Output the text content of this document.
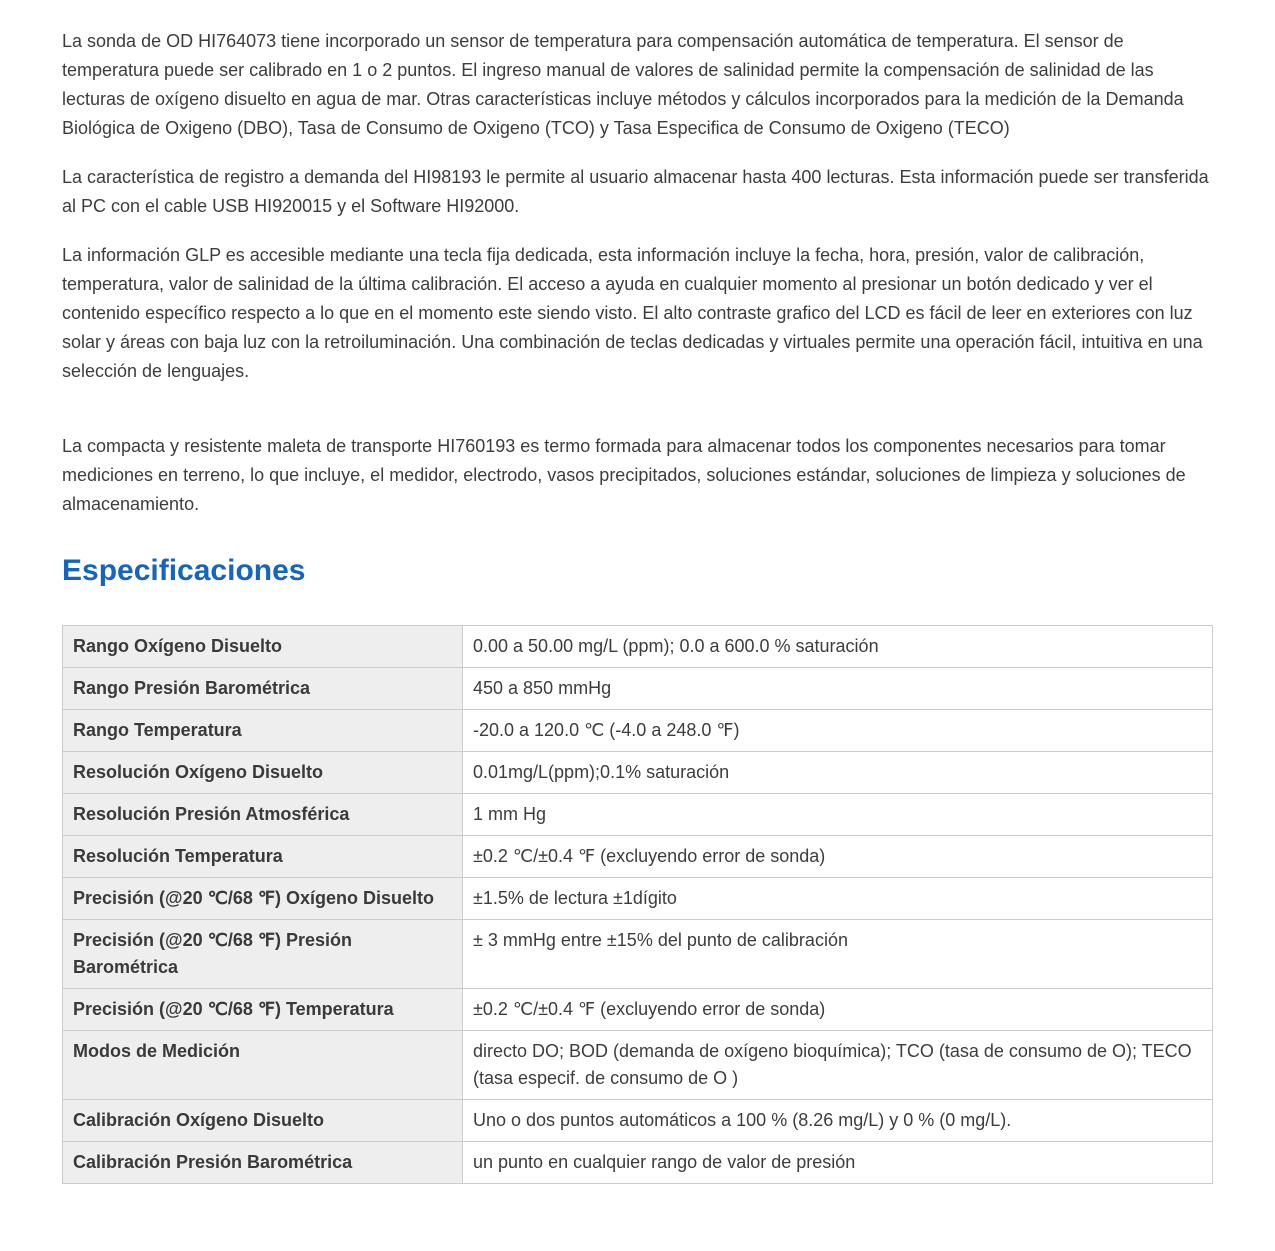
La sonda de OD HI764073 tiene incorporado un sensor de temperatura para compensación automática de temperatura. El sensor de temperatura puede ser calibrado en 1 o 2 puntos. El ingreso manual de valores de salinidad permite la compensación de salinidad de las lecturas de oxígeno disuelto en agua de mar. Otras características incluye métodos y cálculos incorporados para la medición de la Demanda Biológica de Oxigeno (DBO), Tasa de Consumo de Oxigeno (TCO) y Tasa Especifica de Consumo de Oxigeno (TECO)

La característica de registro a demanda del HI98193 le permite al usuario almacenar hasta 400 lecturas. Esta información puede ser transferida al PC con el cable USB HI920015 y el Software HI92000.

La información GLP es accesible mediante una tecla fija dedicada, esta información incluye la fecha, hora, presión, valor de calibración, temperatura, valor de salinidad de la última calibración. El acceso a ayuda en cualquier momento al presionar un botón dedicado y ver el contenido específico respecto a lo que en el momento este siendo visto. El alto contraste grafico del LCD es fácil de leer en exteriores con luz solar y áreas con baja luz con la retroiluminación. Una combinación de teclas dedicadas y virtuales permite una operación fácil, intuitiva en una selección de lenguajes.

La compacta y resistente maleta de transporte HI760193 es termo formada para almacenar todos los componentes necesarios para tomar mediciones en terreno, lo que incluye, el medidor, electrodo, vasos precipitados, soluciones estándar, soluciones de limpieza y soluciones de almacenamiento.

Especificaciones
Rango Oxígeno Disuelto	0.00 a 50.00 mg/L (ppm); 0.0 a 600.0 % saturación
Rango Presión Barométrica	450 a 850 mmHg
Rango Temperatura	-20.0 a 120.0 ℃ (-4.0 a 248.0 ℉)
Resolución Oxígeno Disuelto	0.01mg/L(ppm);0.1% saturación
Resolución Presión Atmosférica	1 mm Hg
Resolución Temperatura	±0.2 ℃/±0.4 ℉ (excluyendo error de sonda)
Precisión (@20 ℃/68 ℉) Oxígeno Disuelto	±1.5% de lectura ±1dígito
Precisión (@20 ℃/68 ℉) Presión Barométrica	± 3 mmHg entre ±15% del punto de calibración
Precisión (@20 ℃/68 ℉) Temperatura	±0.2 ℃/±0.4 ℉ (excluyendo error de sonda)
Modos de Medición	directo DO; BOD (demanda de oxígeno bioquímica); TCO (tasa de consumo de O); TECO (tasa especif. de consumo de O )
Calibración Oxígeno Disuelto	Uno o dos puntos automáticos a 100 % (8.26 mg/L) y 0 % (0 mg/L).
Calibración Presión Barométrica	un punto en cualquier rango de valor de presión
